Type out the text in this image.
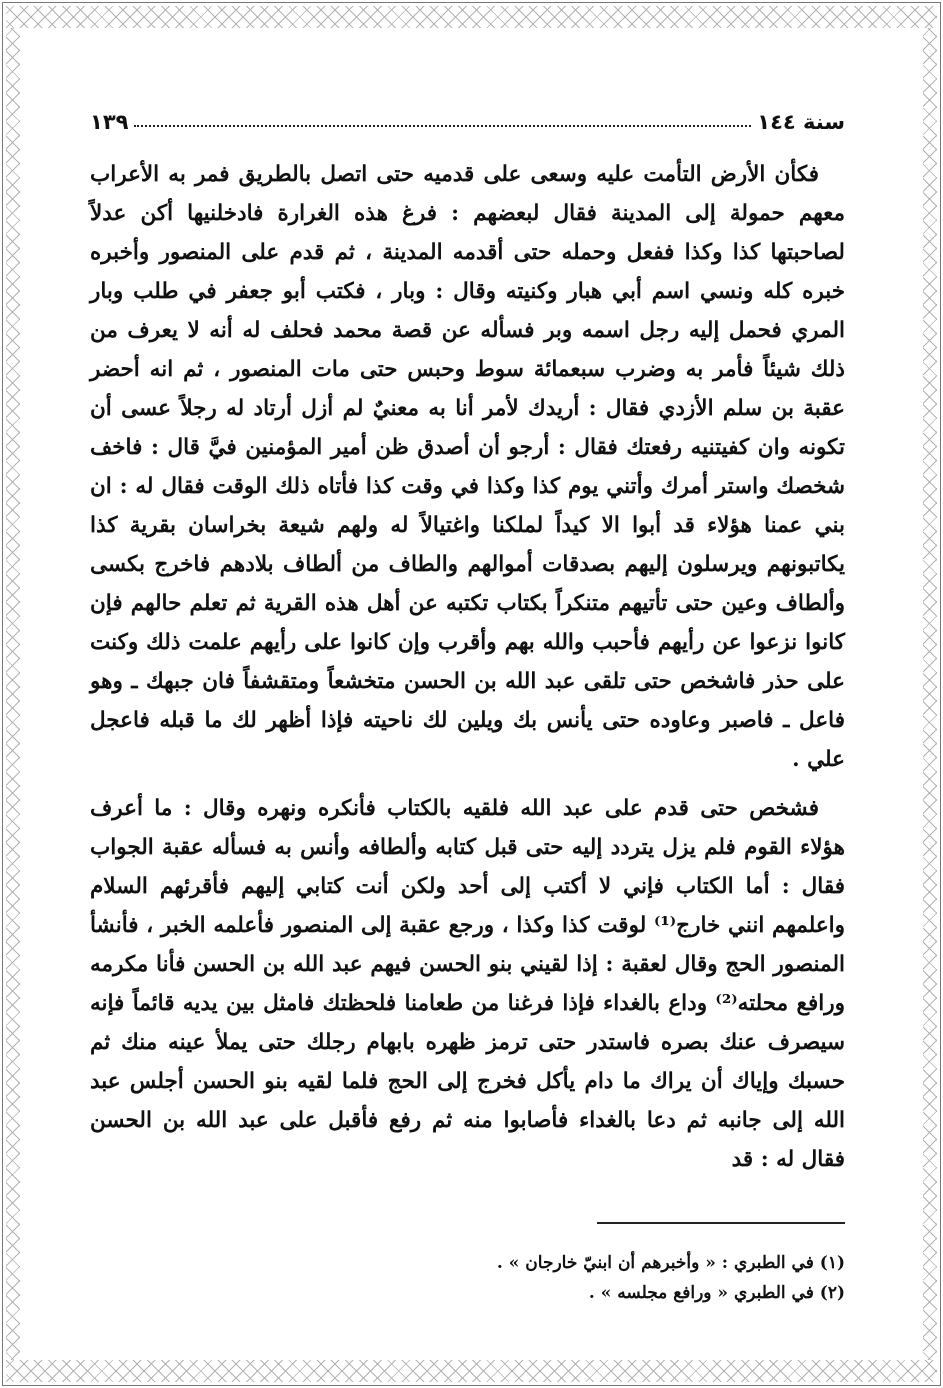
سنة ١٤٤
١٣٩

فكأن الأرض التأمت عليه وسعى على قدميه حتى اتصل بالطريق فمر به الأعراب معهم حمولة إلى المدينة فقال لبعضهم : فرغ هذه الغرارة فادخلنيها أكن عدلاً لصاحبتها كذا وكذا ففعل وحمله حتى أقدمه المدينة ، ثم قدم على المنصور وأخبره خبره كله ونسي اسم أبي هبار وكنيته وقال : وبار ، فكتب أبو جعفر في طلب وبار المري فحمل إليه رجل اسمه وبر فسأله عن قصة محمد فحلف له أنه لا يعرف من ذلك شيئاً فأمر به وضرب سبعمائة سوط وحبس حتى مات المنصور ، ثم انه أحضر عقبة بن سلم الأزدي فقال : أريدك لأمر أنا به معنيٌ لم أزل أرتاد له رجلاً عسى أن تكونه وان كفيتنيه رفعتك فقال : أرجو أن أصدق ظن أمير المؤمنين فيَّ قال : فاخف شخصك واستر أمرك وأتني يوم كذا وكذا في وقت كذا فأتاه ذلك الوقت فقال له : ان بني عمنا هؤلاء قد أبوا الا كيداً لملكنا واغتيالاً له ولهم شيعة بخراسان بقرية كذا يكاتبونهم ويرسلون إليهم بصدقات أموالهم والطاف من ألطاف بلادهم فاخرج بكسى وألطاف وعين حتى تأتيهم متنكراً بكتاب تكتبه عن أهل هذه القرية ثم تعلم حالهم فإن كانوا نزعوا عن رأيهم فأحبب والله بهم وأقرب وإن كانوا على رأيهم علمت ذلك وكنت على حذر فاشخص حتى تلقى عبد الله بن الحسن متخشعاً ومتقشفاً فان جبهك ـ وهو فاعل ـ فاصبر وعاوده حتى يأنس بك ويلين لك ناحيته فإذا أظهر لك ما قبله فاعجل علي .

فشخص حتى قدم على عبد الله فلقيه بالكتاب فأنكره ونهره وقال : ما أعرف هؤلاء القوم فلم يزل يتردد إليه حتى قبل كتابه وألطافه وأنس به فسأله عقبة الجواب فقال : أما الكتاب فإني لا أكتب إلى أحد ولكن أنت كتابي إليهم فأقرئهم السلام واعلمهم انني خارج⁽¹⁾ لوقت كذا وكذا ، ورجع عقبة إلى المنصور فأعلمه الخبر ، فأنشأ المنصور الحج وقال لعقبة : إذا لقيني بنو الحسن فيهم عبد الله بن الحسن فأنا مكرمه ورافع محلته⁽²⁾ وداع بالغداء فإذا فرغنا من طعامنا فلحظتك فامثل بين يديه قائماً فإنه سيصرف عنك بصره فاستدر حتى ترمز ظهره بابهام رجلك حتى يملأ عينه منك ثم حسبك وإياك أن يراك ما دام يأكل فخرج إلى الحج فلما لقيه بنو الحسن أجلس عبد الله إلى جانبه ثم دعا بالغداء فأصابوا منه ثم رفع فأقبل على عبد الله بن الحسن فقال له : قد

(١) في الطبري : « وأخبرهم أن ابنيّ خارجان » .
(٢) في الطبري « ورافع مجلسه » .
